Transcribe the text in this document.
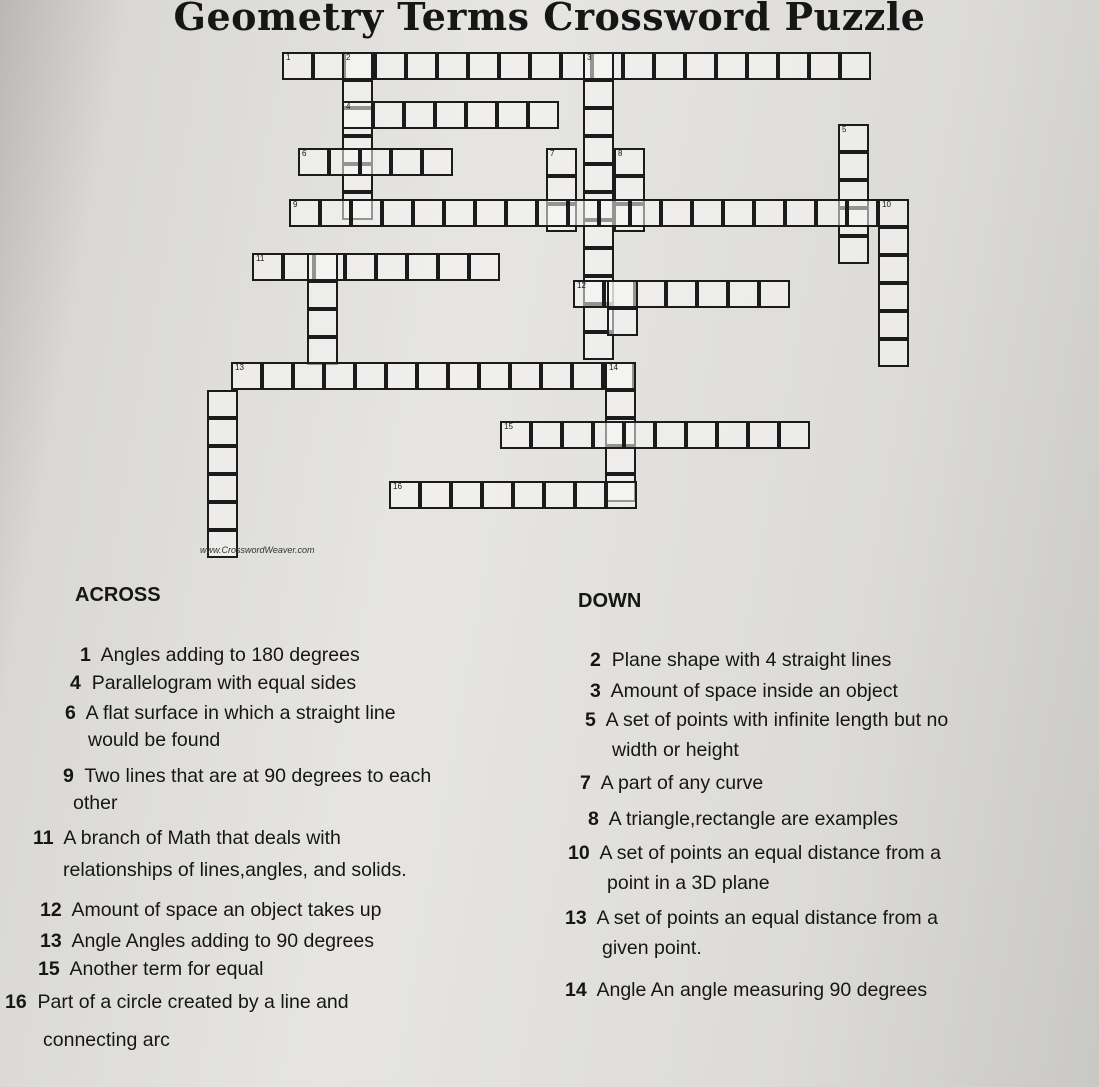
Geometry Terms Crossword Puzzle
1	2	3
4
5
6	7	8
9	10
11
12
13	14
15
16
www.CrosswordWeaver.com
ACROSS	DOWN
1  Angles adding to 180 degrees
4  Parallelogram with equal sides
6  A flat surface in which a straight line
would be found
9  Two lines that are at 90 degrees to each
other
11  A branch of Math that deals with
relationships of lines,angles, and solids.
12  Amount of space an object takes up
13  Angle Angles adding to 90 degrees
15  Another term for equal
16  Part of a circle created by a line and
connecting arc
2  Plane shape with 4 straight lines
3  Amount of space inside an object
5  A set of points with infinite length but no
width or height
7  A part of any curve
8  A triangle,rectangle are examples
10  A set of points an equal distance from a
point in a 3D plane
13  A set of points an equal distance from a
given point.
14  Angle An angle measuring 90 degrees
